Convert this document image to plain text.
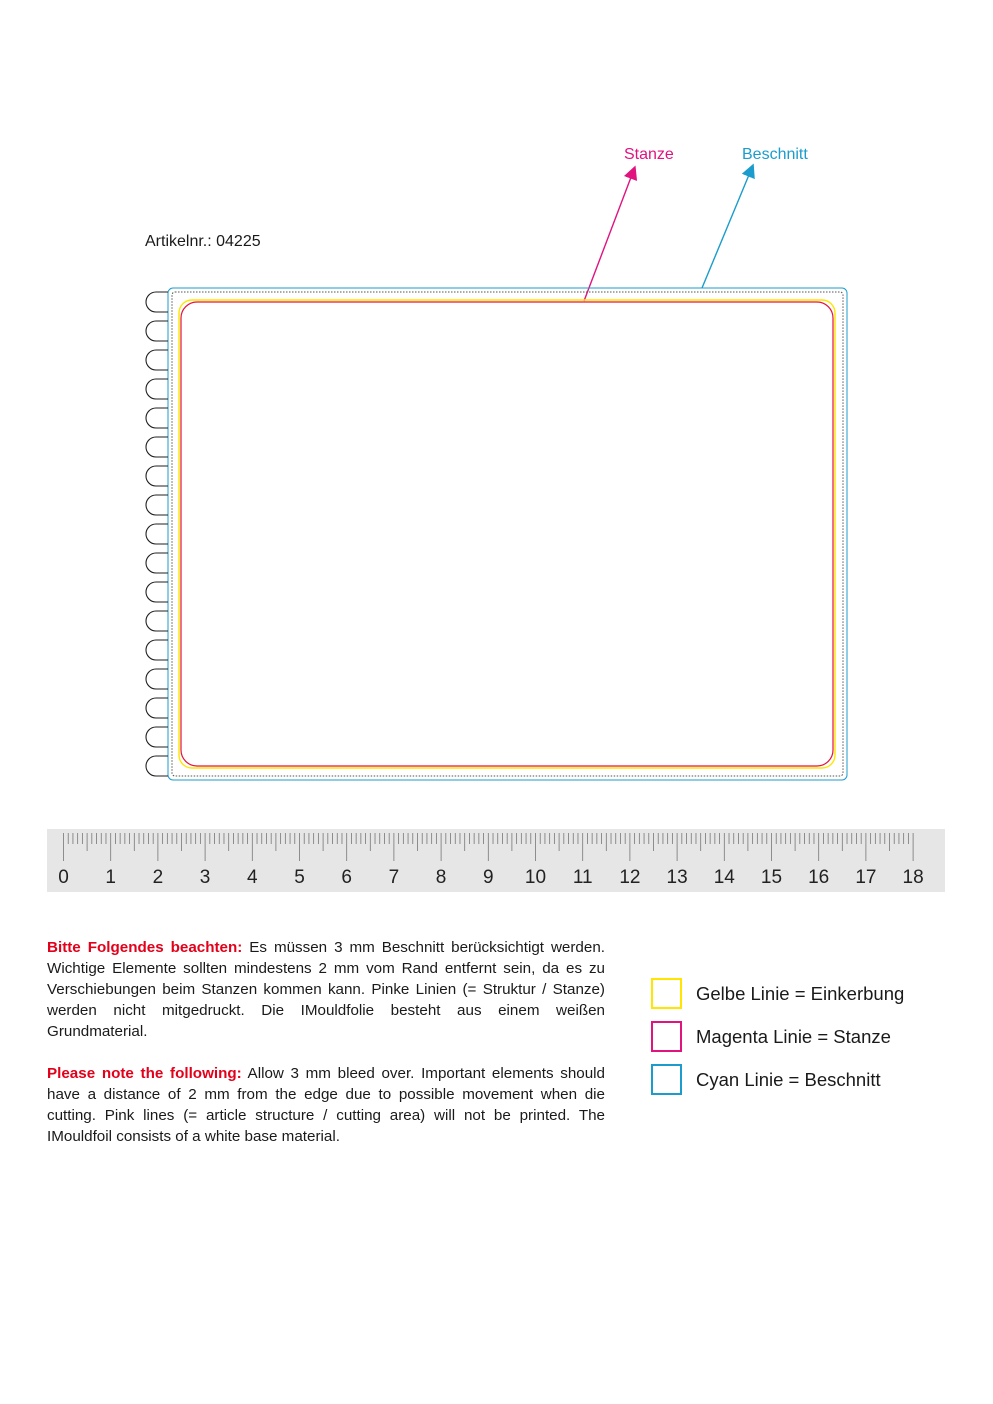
Stanze	Beschnitt
Artikelnr.: 04225
0 1 2 3 4 5 6 7 8 9 10 11 12 13 14 15 16 17 18

Bitte Folgendes beachten: Es müssen 3 mm Beschnitt berücksichtigt werden. Wichtige Elemente sollten mindestens 2 mm vom Rand entfernt sein, da es zu Verschiebungen beim Stanzen kommen kann. Pinke Linien (= Struktur / Stanze) werden nicht mitgedruckt. Die IMouldfolie besteht aus einem weißen Grundmaterial.

Please note the following: Allow 3 mm bleed over. Important elements should have a distance of 2 mm from the edge due to possible movement when die cutting. Pink lines (= article structure / cutting area) will not be printed. The IMouldfoil consists of a white base material.

Gelbe Linie = Einkerbung
Magenta Linie = Stanze
Cyan Linie = Beschnitt
